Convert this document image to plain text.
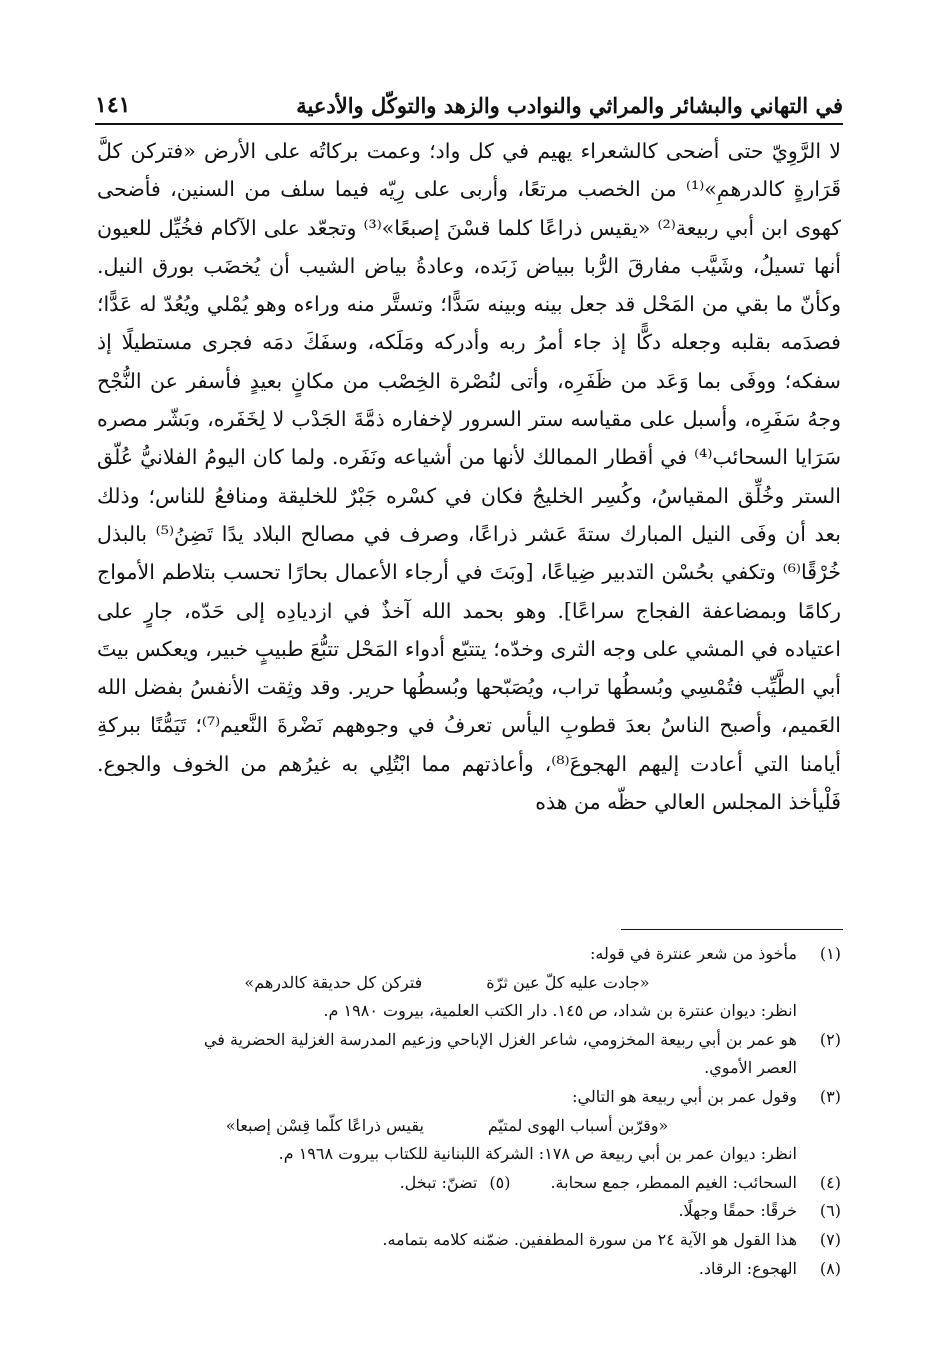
في التهاني والبشائر والمراثي والنوادب والزهد والتوكّل والأدعية
١٤١

لا الرَّوِيّ حتى أضحى كالشعراء يهيم في كل واد؛ وعمت بركاتُه على الأرض «فتركن كلَّ قَرَارةٍ كالدرهمِ»⁽¹⁾ من الخصب مرتعًا، وأربى على رِيّه فيما سلف من السنين، فأضحى كهوى ابن أبي ربيعة⁽²⁾ «يقيس ذراعًا كلما قسْنَ إصبعًا»⁽³⁾ وتجعّد على الآكام فخُيِّل للعيون أنها تسيلُ، وشَيَّب مفارقَ الرُّبا ببياض زَبَده، وعادةُ بياض الشيب أن يُخضَب بورق النيل. وكأنّ ما بقي من المَحْل قد جعل بينه وبينه سَدًّا؛ وتستَّر منه وراءه وهو يُمْلي ويُعُدّ له عَدًّا؛ فصدَمه بقلبه وجعله دكًّا إذ جاء أمرُ ربه وأدركه ومَلَكه، وسفَكَ دمَه فجرى مستطيلًا إذ سفكه؛ ووفَى بما وَعَد من ظَفَرِه، وأتى لنُصْرة الخِصْب من مكانٍ بعيدٍ فأسفر عن النُّجْح وجهُ سَفَرِه، وأسبل على مقياسه ستر السرور لإخفاره ذمَّةَ الجَدْب لا لِخَفَره، وبَشّر مصره سَرَايا السحائب⁽⁴⁾ في أقطار الممالك لأنها من أشياعه ونَفَره. ولما كان اليومُ الفلانيُّ عُلّق الستر وخُلِّق المقياسُ، وكُسِر الخليجُ فكان في كسْره جَبْرٌ للخليقة ومنافعُ للناس؛ وذلك بعد أن وفَى النيل المبارك ستةَ عَشر ذراعًا، وصرف في مصالح البلاد يدًا تَضِنُ⁽⁵⁾ بالبذل خُرْقًا⁽⁶⁾ وتكفي بحُسْن التدبير ضِياعًا، [وبَتَ في أرجاء الأعمال بحارًا تحسب بتلاطم الأمواج ركامًا وبمضاعفة الفجاج سراعًا]. وهو بحمد الله آخذٌ في ازديادِه إلى حَدّه، جارٍ على اعتياده في المشي على وجه الثرى وخدّه؛ يتتبّع أدواء المَحْل تتبُّعَ طبيبٍ خبير، ويعكس بيتَ أبي الطَّيِّب فتُمْسِي وبُسطُها تراب، ويُصَبّحها وبُسطُها حرير. وقد وثِقت الأنفسُ بفضل الله العَميم، وأصبح الناسُ بعدَ قطوبِ اليأس تعرفُ في وجوههم نَضْرةَ النَّعيم⁽⁷⁾؛ تَيَمُّنًا ببركةِ أيامنا التي أعادت إليهم الهجوعَ⁽⁸⁾، وأعاذتهم مما ابْتُلِي به غيرُهم من الخوف والجوع. فَلْيأخذ المجلس العالي حظّه من هذه

(١)
مأخوذ من شعر عنترة في قوله:
«جادت عليه كلّ عين ثرّة
فتركن كل حديقة كالدرهم»
انظر: ديوان عنترة بن شداد، ص ١٤٥. دار الكتب العلمية، بيروت ١٩٨٠ م.
(٢)
هو عمر بن أبي ربيعة المخزومي، شاعر الغزل الإباحي وزعيم المدرسة الغزلية الحضرية في
العصر الأموي.
(٣)
وقول عمر بن أبي ربيعة هو التالي:
«وقرّبن أسباب الهوى لمتيّم
يقيس ذراعًا كلّما قِسْن إصبعا»
انظر: ديوان عمر بن أبي ربيعة ص ١٧٨: الشركة اللبنانية للكتاب بيروت ١٩٦٨ م.
(٤)
السحائب: الغيم الممطر، جمع سحابة.
(٥)
تضنّ: تبخل.
(٦)
خرقًا: حمقًا وجهلًا.
(٧)
هذا القول هو الآية ٢٤ من سورة المطففين. ضمّنه كلامه بتمامه.
(٨)
الهجوع: الرقاد.
